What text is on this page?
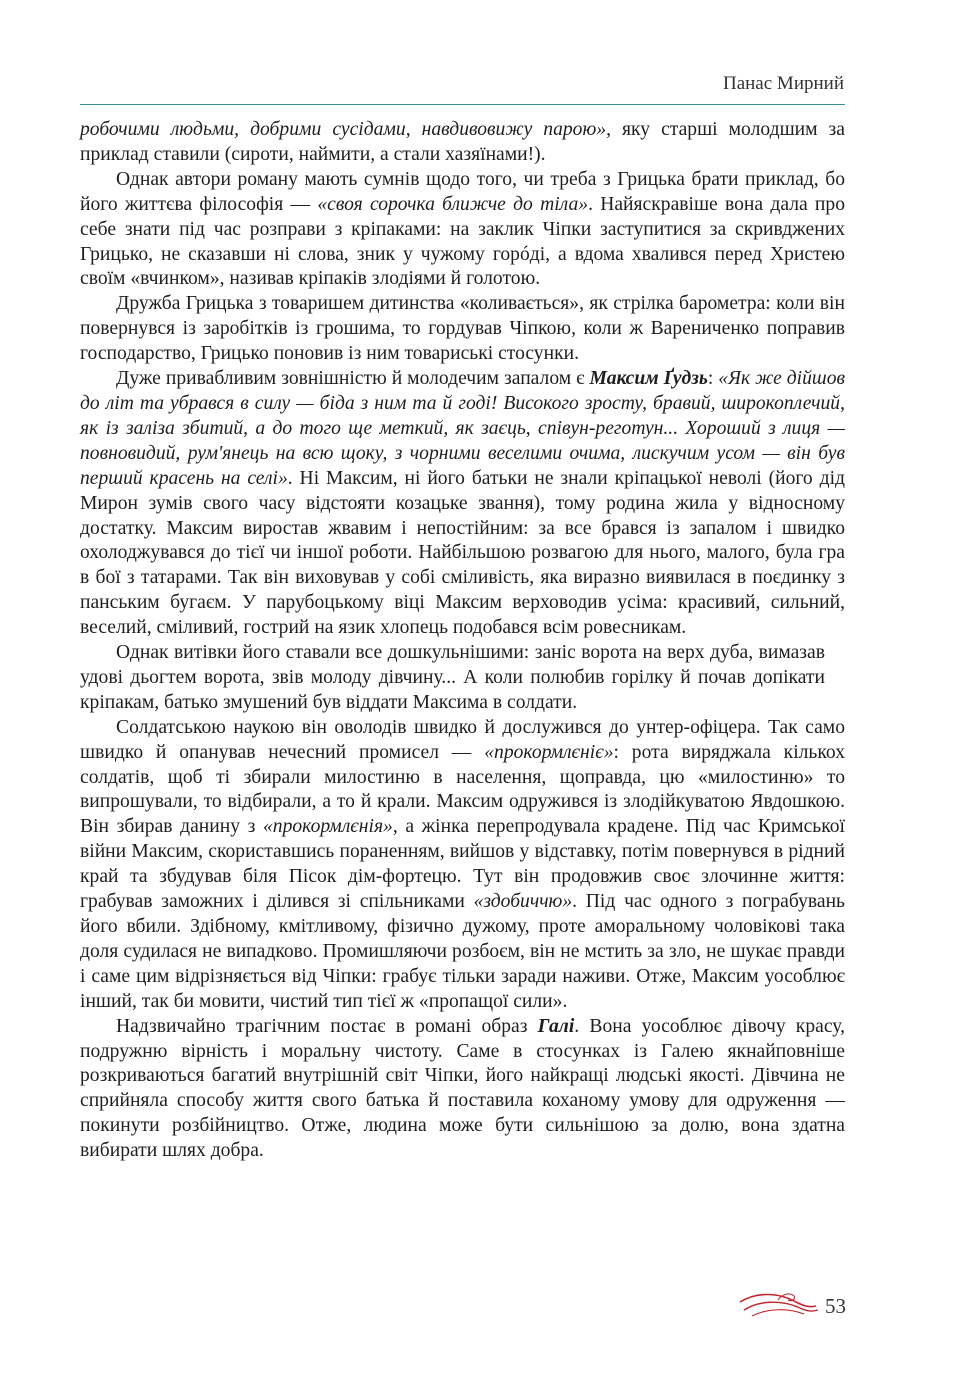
Панас Мирний

робочими людьми, добрими сусідами, навдивовижу парою», яку старші молодшим за приклад ставили (сироти, наймити, а стали хазяїнами!).

Однак автори роману мають сумнів щодо того, чи треба з Грицька брати приклад, бо його життєва філософія — «своя сорочка ближче до тіла». Найяскравіше вона дала про себе знати під час розправи з кріпаками: на заклик Чіпки заступитися за скривджених Грицько, не сказавши ні слова, зник у чужому горóді, а вдома хвалився перед Христею своїм «вчинком», називав кріпаків злодіями й голотою.

Дружба Грицька з товаришем дитинства «коливається», як стрілка барометра: коли він повернувся із заробітків із грошима, то гордував Чіпкою, коли ж Варениченко поправив господарство, Грицько поновив із ним товариські стосунки.

Дуже привабливим зовнішністю й молодечим запалом є Максим Ґудзь: «Як же дійшов до літ та убрався в силу — біда з ним та й годі! Високого зросту, бравий, широкоплечий, як із заліза збитий, а до того ще меткий, як заєць, співун-реготун... Хороший з лиця — повновидий, рум'янець на всю щоку, з чорними веселими очима, лискучим усом — він був перший красень на селі». Ні Максим, ні його батьки не знали кріпацької неволі (його дід Мирон зумів свого часу відстояти козацьке звання), тому родина жила у відносному достатку. Максим виростав жвавим і непостійним: за все брався із запалом і швидко охолоджувався до тієї чи іншої роботи. Найбільшою розвагою для нього, малого, була гра в бої з татарами. Так він виховував у собі сміливість, яка виразно виявилася в поєдинку з панським бугаєм. У парубоцькому віці Максим верховодив усіма: красивий, сильний, веселий, сміливий, гострий на язик хлопець подобався всім ровесникам.

Однак витівки його ставали все дошкульнішими: заніс ворота на верх дуба, вимазав удові дьогтем ворота, звів молоду дівчину... А коли полюбив горілку й почав допікати кріпакам, батько змушений був віддати Максима в солдати.

Солдатською наукою він оволодів швидко й дослужився до унтер-офіцера. Так само швидко й опанував нечесний промисел — «прокормлєніє»: рота виряджала кількох солдатів, щоб ті збирали милостиню в населення, щоправда, цю «милостиню» то випрошували, то відбирали, а то й крали. Максим одружився із злодійкуватою Явдошкою. Він збирав данину з «прокормлєнія», а жінка перепродувала крадене. Під час Кримської війни Максим, скориставшись пораненням, вийшов у відставку, потім повернувся в рідний край та збудував біля Пісок дім-фортецю. Тут він продовжив своє злочинне життя: грабував заможних і ділився зі спільниками «здобиччю». Під час одного з пограбувань його вбили. Здібному, кмітливому, фізично дужому, проте аморальному чоловікові така доля судилася не випадково. Промишляючи розбоєм, він не мстить за зло, не шукає правди і саме цим відрізняється від Чіпки: грабує тільки заради наживи. Отже, Максим уособлює інший, так би мовити, чистий тип тієї ж «пропащої сили».

Надзвичайно трагічним постає в романі образ Галі. Вона уособлює дівочу красу, подружню вірність і моральну чистоту. Саме в стосунках із Галею якнайповніше розкриваються багатий внутрішній світ Чіпки, його найкращі людські якості. Дівчина не сприйняла способу життя свого батька й поставила коханому умову для одруження — покинути розбійництво. Отже, людина може бути сильнішою за долю, вона здатна вибирати шлях добра.

53
